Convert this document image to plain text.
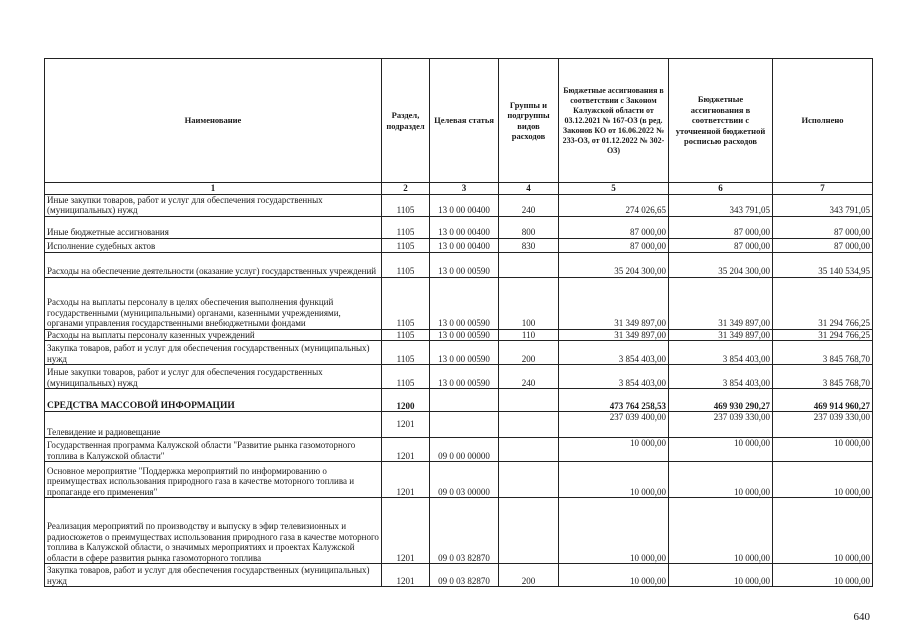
Наименование	Раздел, подраздел	Целевая статья	Группы и подгруппы видов расходов	Бюджетные ассигнования в соответствии с Законом Калужской области от 03.12.2021 № 167-ОЗ (в ред. Законов КО от 16.06.2022 № 233-ОЗ, от 01.12.2022 № 302-ОЗ)	Бюджетные ассигнования в соответствии с уточненной бюджетной росписью расходов	Исполнено
1	2	3	4	5	6	7
Иные закупки товаров, работ и услуг для обеспечения государственных (муниципальных) нужд	1105	13 0 00 00400	240	274 026,65	343 791,05	343 791,05
Иные бюджетные ассигнования	1105	13 0 00 00400	800	87 000,00	87 000,00	87 000,00
Исполнение судебных актов	1105	13 0 00 00400	830	87 000,00	87 000,00	87 000,00
Расходы на обеспечение деятельности (оказание услуг) государственных учреждений	1105	13 0 00 00590		35 204 300,00	35 204 300,00	35 140 534,95
Расходы на выплаты персоналу в целях обеспечения выполнения функций государственными (муниципальными) органами, казенными учреждениями, органами управления государственными внебюджетными фондами	1105	13 0 00 00590	100	31 349 897,00	31 349 897,00	31 294 766,25
Расходы на выплаты персоналу казенных учреждений	1105	13 0 00 00590	110	31 349 897,00	31 349 897,00	31 294 766,25
Закупка товаров, работ и услуг для обеспечения государственных (муниципальных) нужд	1105	13 0 00 00590	200	3 854 403,00	3 854 403,00	3 845 768,70
Иные закупки товаров, работ и услуг для обеспечения государственных (муниципальных) нужд	1105	13 0 00 00590	240	3 854 403,00	3 854 403,00	3 845 768,70
СРЕДСТВА МАССОВОЙ ИНФОРМАЦИИ	1200			473 764 258,53	469 930 290,27	469 914 960,27
Телевидение и радиовещание	1201			237 039 400,00	237 039 330,00	237 039 330,00
Государственная программа Калужской области "Развитие рынка газомоторного топлива в Калужской области"	1201	09 0 00 00000		10 000,00	10 000,00	10 000,00
Основное мероприятие "Поддержка мероприятий по информированию о преимуществах использования природного газа в качестве моторного топлива и пропаганде его применения"	1201	09 0 03 00000		10 000,00	10 000,00	10 000,00
Реализация мероприятий по производству и выпуску в эфир телевизионных и радиосюжетов о преимуществах использования природного газа в качестве моторного топлива в Калужской области, о значимых мероприятиях и проектах Калужской области в сфере развития рынка газомоторного топлива	1201	09 0 03 82870		10 000,00	10 000,00	10 000,00
Закупка товаров, работ и услуг для обеспечения государственных (муниципальных) нужд	1201	09 0 03 82870	200	10 000,00	10 000,00	10 000,00
640
